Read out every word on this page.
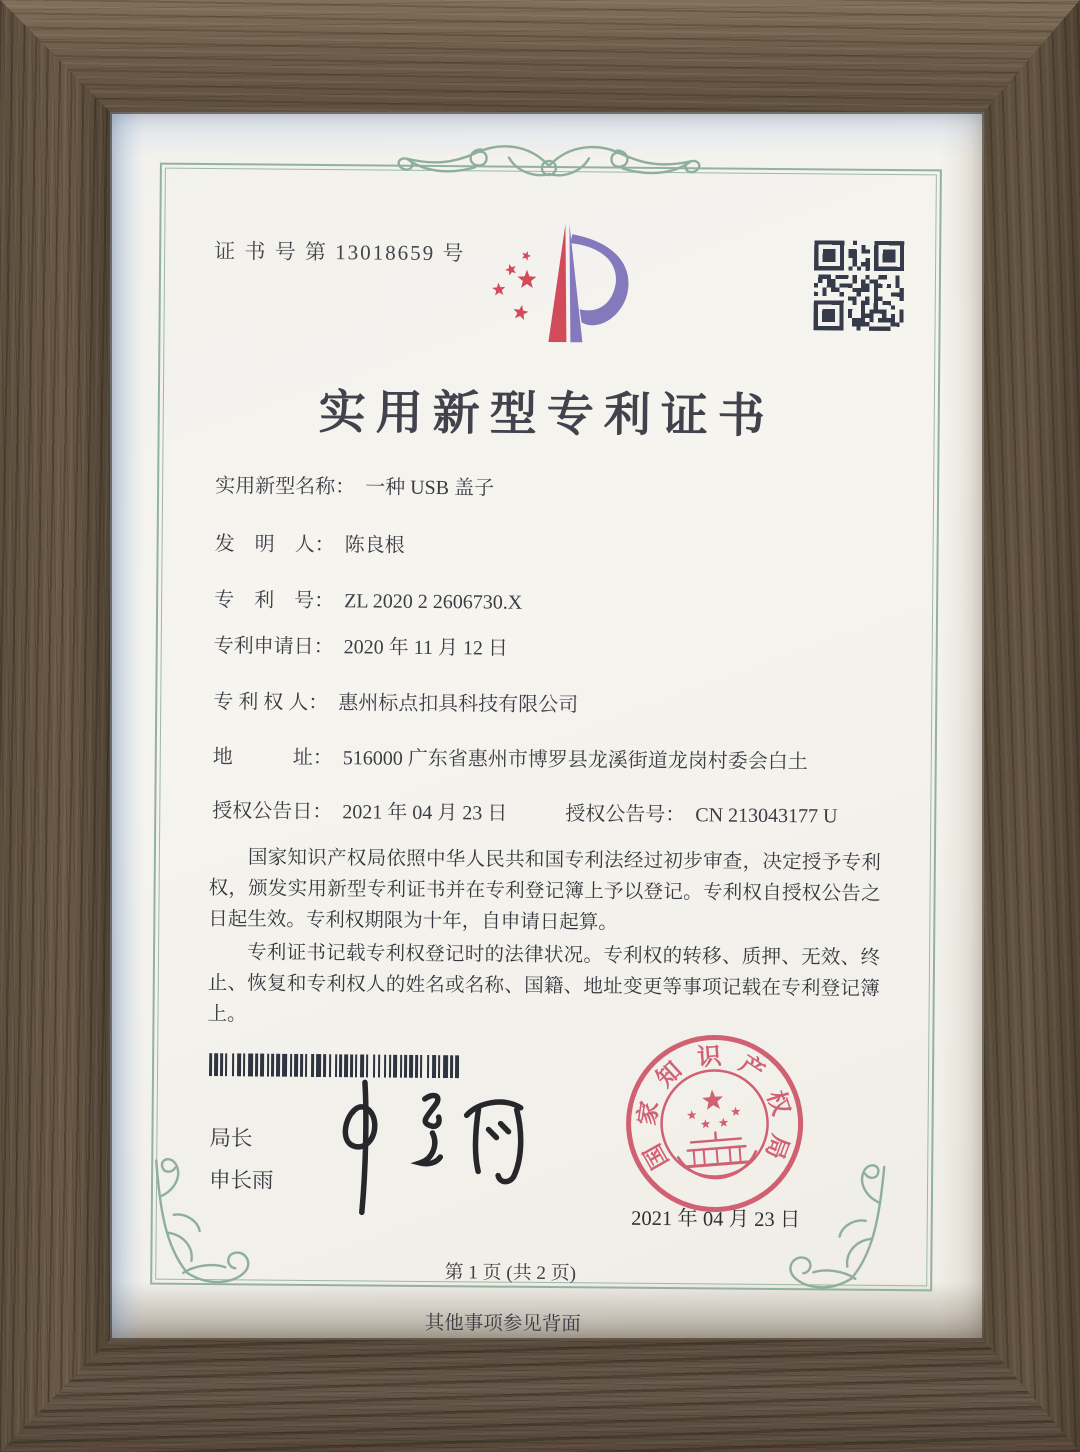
证 书 号 第 13018659 号
实用新型专利证书
实用新型名称： 一种 USB 盖子
发　明　人： 陈良根
专　利　号： ZL 2020 2 2606730.X
专利申请日： 2020 年 11 月 12 日
专 利 权 人： 惠州标点扣具科技有限公司
地　　　址： 516000 广东省惠州市博罗县龙溪街道龙岗村委会白土
授权公告日： 2021 年 04 月 23 日	授权公告号： CN 213043177 U

国家知识产权局依照中华人民共和国专利法经过初步审查，决定授予专利权，颁发实用新型专利证书并在专利登记簿上予以登记。专利权自授权公告之日起生效。专利权期限为十年，自申请日起算。

专利证书记载专利权登记时的法律状况。专利权的转移、质押、无效、终止、恢复和专利权人的姓名或名称、国籍、地址变更等事项记载在专利登记簿上。

局长
申长雨
国
家
知 识 产
权
局
2021 年 04 月 23 日
第 1 页 (共 2 页)
其他事项参见背面
